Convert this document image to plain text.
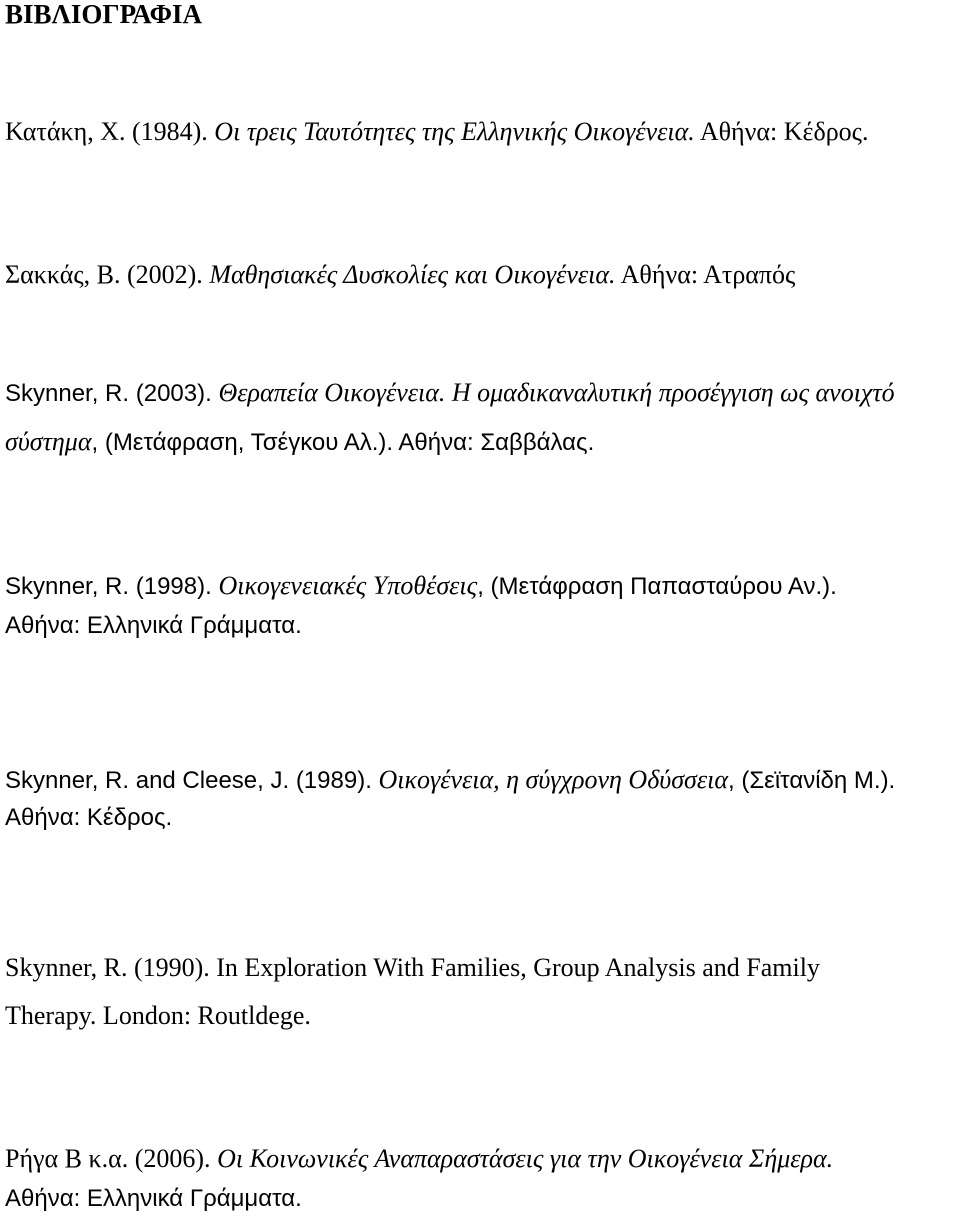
ΒΙΒΛΙΟΓΡΑΦΙΑ
Κατάκη, Χ. (1984). Οι τρεις Ταυτότητες της Ελληνικής Οικογένεια. Αθήνα: Κέδρος.
Σακκάς, Β. (2002). Μαθησιακές Δυσκολίες και Οικογένεια. Αθήνα: Ατραπός
Skynner, R. (2003). Θεραπεία Οικογένεια. Η ομαδικαναλυτική προσέγγιση ως ανοιχτό
σύστημα, (Μετάφραση, Τσέγκου Αλ.). Αθήνα: Σαββάλας.
Skynner, R. (1998). Οικογενειακές Υποθέσεις, (Μετάφραση Παπασταύρου Αν.).
Αθήνα: Ελληνικά Γράμματα.
Skynner, R. and Cleese, J. (1989). Οικογένεια, η σύγχρονη Οδύσσεια, (Σεϊτανίδη Μ.).
Αθήνα: Κέδρος.
Skynner, R. (1990). In Exploration With Families, Group Analysis and Family
Therapy. London: Routldege.
Ρήγα Β κ.α. (2006). Οι Κοινωνικές Αναπαραστάσεις για την Οικογένεια Σήμερα.
Αθήνα: Ελληνικά Γράμματα.
